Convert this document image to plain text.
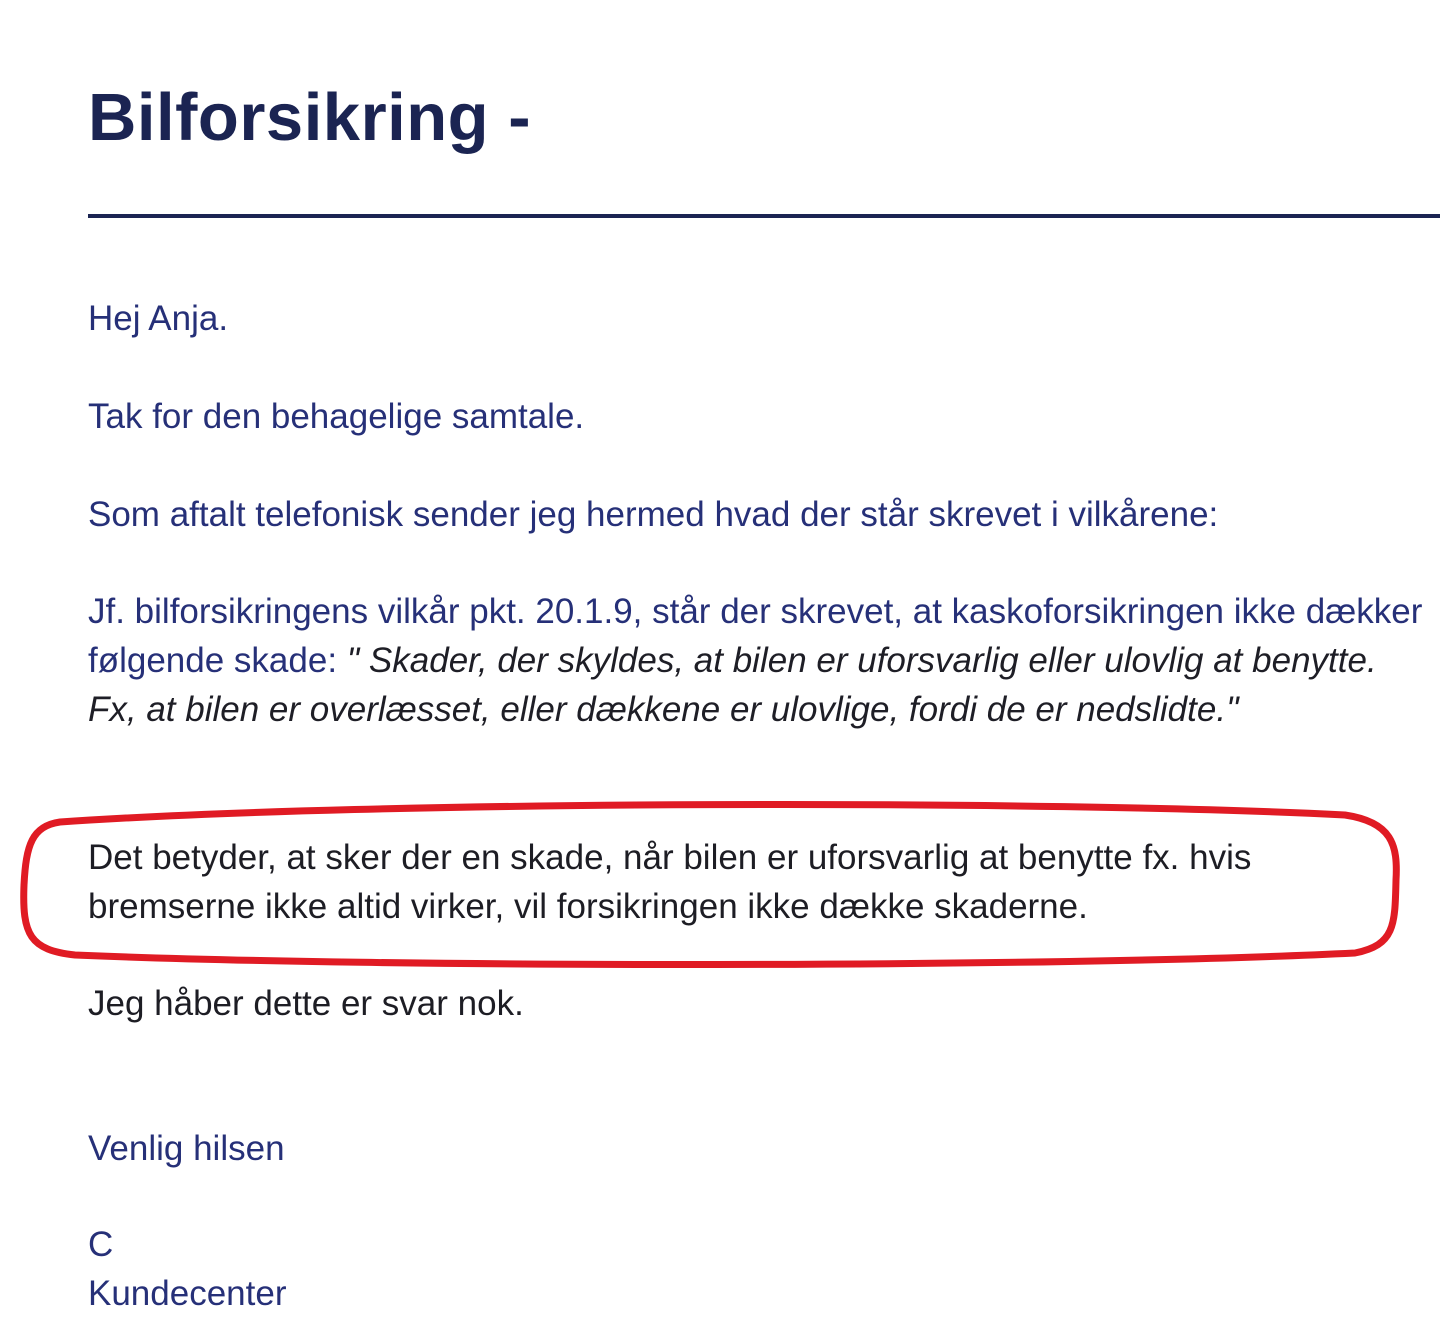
Bilforsikring -

Hej Anja.

Tak for den behagelige samtale.

Som aftalt telefonisk sender jeg hermed hvad der står skrevet i vilkårene:

Jf. bilforsikringens vilkår pkt. 20.1.9, står der skrevet, at kaskoforsikringen ikke dækker følgende skade: " Skader, der skyldes, at bilen er uforsvarlig eller ulovlig at benytte. Fx, at bilen er overlæsset, eller dækkene er ulovlige, fordi de er nedslidte."

Det betyder, at sker der en skade, når bilen er uforsvarlig at benytte fx. hvis bremserne ikke altid virker, vil forsikringen ikke dække skaderne.

Jeg håber dette er svar nok.

Venlig hilsen

C

Kundecenter
